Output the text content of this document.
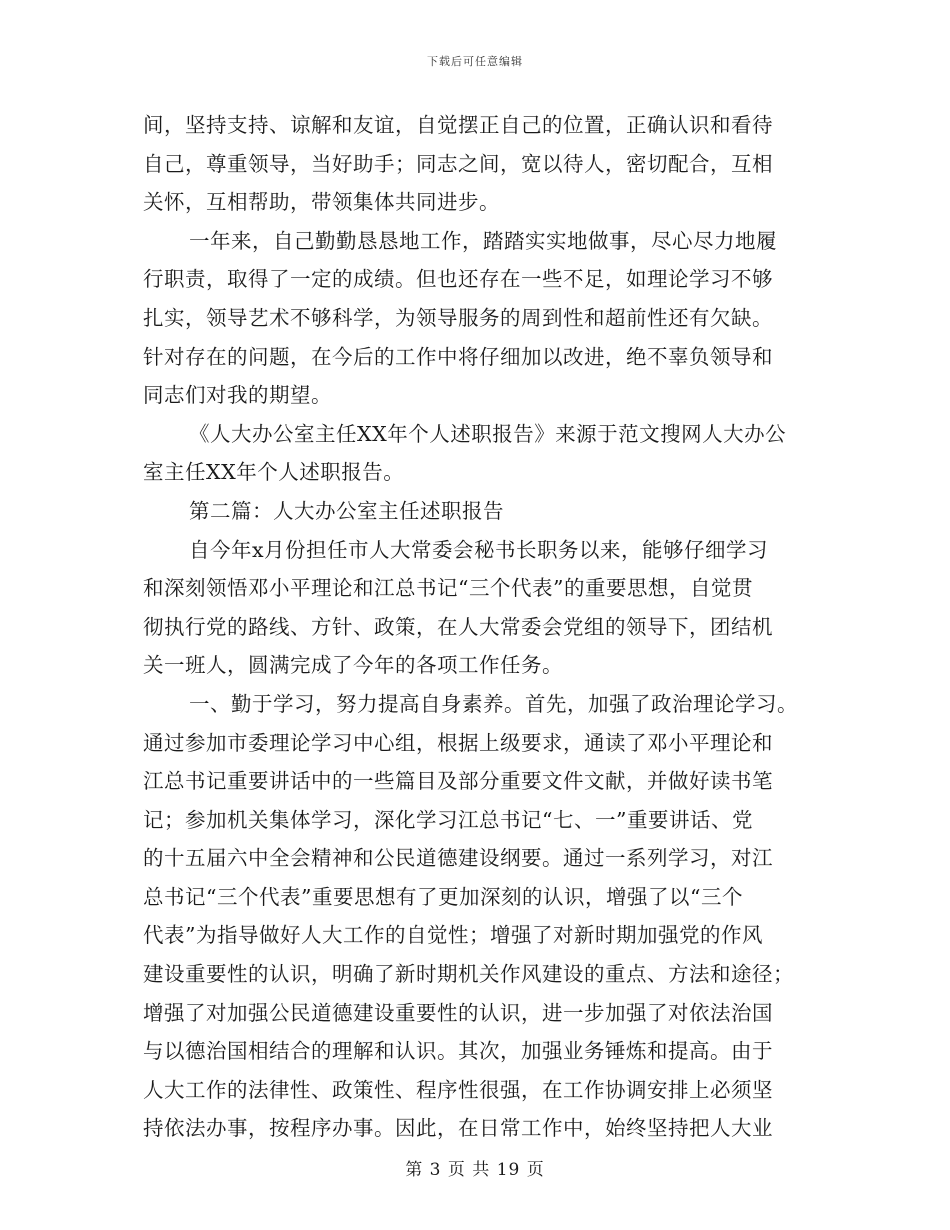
下载后可任意编辑
间，坚持支持、谅解和友谊，自觉摆正自己的位置，正确认识和看待
自己，尊重领导，当好助手；同志之间，宽以待人，密切配合，互相
关怀，互相帮助，带领集体共同进步。
一年来，自己勤勤恳恳地工作，踏踏实实地做事，尽心尽力地履
行职责，取得了一定的成绩。但也还存在一些不足，如理论学习不够
扎实，领导艺术不够科学，为领导服务的周到性和超前性还有欠缺。
针对存在的问题，在今后的工作中将仔细加以改进，绝不辜负领导和
同志们对我的期望。
《人大办公室主任XX年个人述职报告》来源于范文搜网人大办公
室主任XX年个人述职报告。
第二篇：人大办公室主任述职报告
自今年x月份担任市人大常委会秘书长职务以来，能够仔细学习
和深刻领悟邓小平理论和江总书记“三个代表”的重要思想，自觉贯
彻执行党的路线、方针、政策，在人大常委会党组的领导下，团结机
关一班人，圆满完成了今年的各项工作任务。
一、勤于学习，努力提高自身素养。首先，加强了政治理论学习。
通过参加市委理论学习中心组，根据上级要求，通读了邓小平理论和
江总书记重要讲话中的一些篇目及部分重要文件文献，并做好读书笔
记；参加机关集体学习，深化学习江总书记“七、一”重要讲话、党
的十五届六中全会精神和公民道德建设纲要。通过一系列学习，对江
总书记“三个代表”重要思想有了更加深刻的认识，增强了以“三个
代表”为指导做好人大工作的自觉性；增强了对新时期加强党的作风
建设重要性的认识，明确了新时期机关作风建设的重点、方法和途径；
增强了对加强公民道德建设重要性的认识，进一步加强了对依法治国
与以德治国相结合的理解和认识。其次，加强业务锤炼和提高。由于
人大工作的法律性、政策性、程序性很强，在工作协调安排上必须坚
持依法办事，按程序办事。因此，在日常工作中，始终坚持把人大业
第 3 页 共 19 页
